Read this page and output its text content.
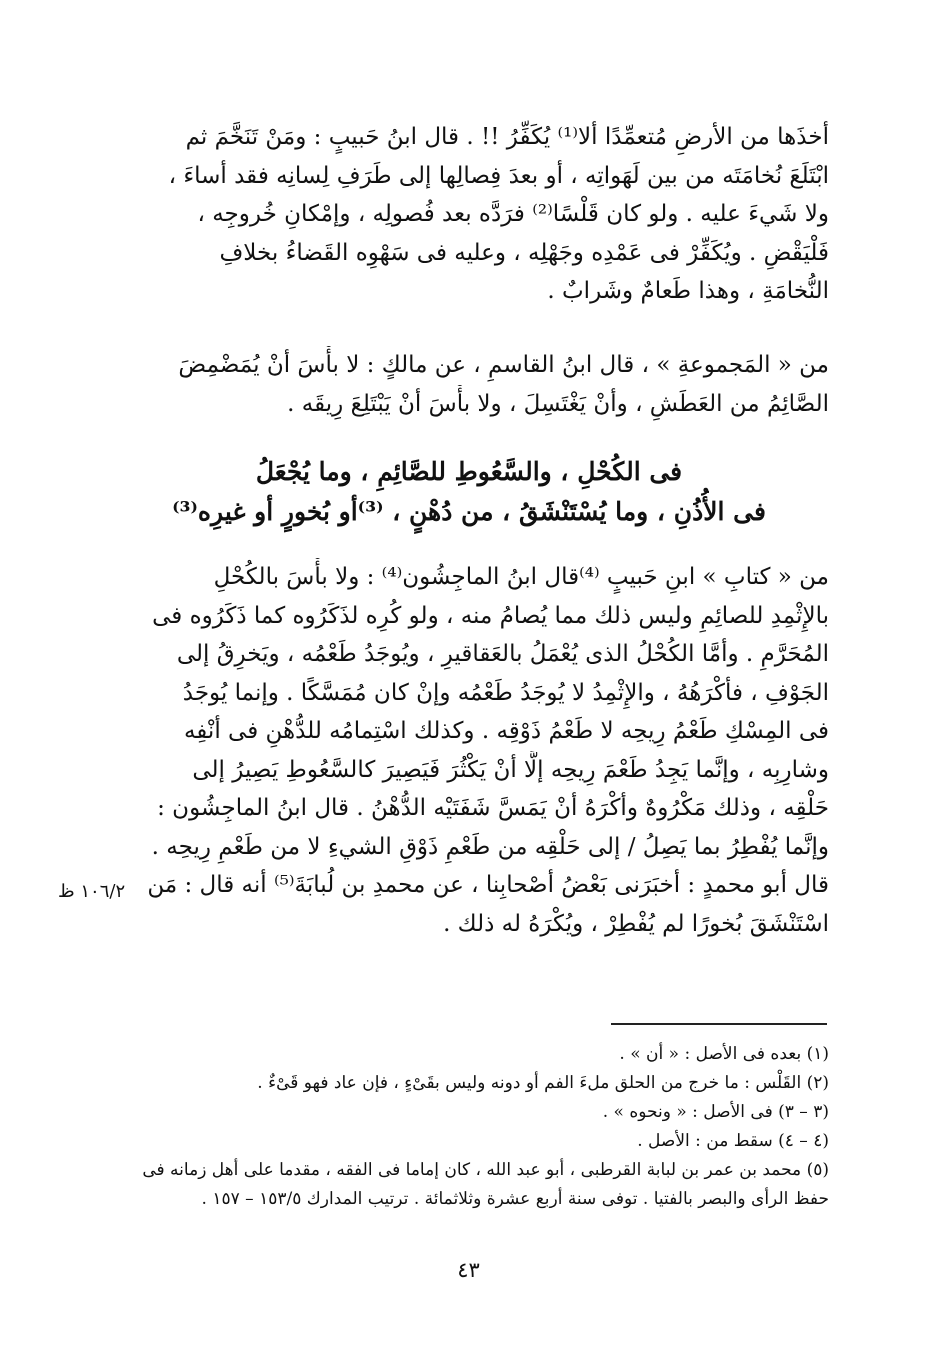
أخذَها من الأرضِ مُتعمِّدًا ألا⁽¹⁾ يُكَفِّرُ !! . قال ابنُ حَبيبٍ : ومَنْ تَنَخَّمَ ثم
ابْتَلَعَ نُخامَتَه من بين لَهَواتِه ، أو بعدَ فِصالِها إلى طَرَفِ لِسانِه فقد أساءَ ،
ولا شَيءَ عليه . ولو كان قَلْسًا⁽²⁾ فرَدَّه بعد فُصولِه ، وإمْكانِ خُروجِه ،
فَلْيَقْضِ . ويُكَفِّرْ فى عَمْدِه وجَهْلِه ، وعليه فى سَهْوِه القَضاءُ بخلافِ
النُّخامَةِ ، وهذا طَعامٌ وشَرابٌ .
من « المَجموعةِ » ، قال ابنُ القاسمِ ، عن مالكٍ : لا بأْسَ أنْ يُمَضْمِضَ
الصَّائِمُ من العَطَشِ ، وأنْ يَغْتَسِلَ ، ولا بأْسَ أنْ يَبْتَلِعَ رِيقَه .
فى الكُحْلِ ، والسَّعُوطِ للصَّائِمِ ، وما يُجْعَلُ
فى الأُذُنِ ، وما يُسْتَنْشَقُ ، من دُهْنٍ ، ⁽³⁾أو بُخورٍ أو غيرِه⁽³⁾
من « كتابِ » ابنِ حَبيبٍ ⁽⁴⁾قال ابنُ الماجِشُون⁽⁴⁾ : ولا بأْسَ بالكُحْلِ
بالإِثْمِدِ للصائِمِ وليس ذلك مما يُصامُ منه ، ولو كُرِه لذَكَرُوه كما ذَكَرُوه فى
المُحَرَّمِ . وأمَّا الكُحْلُ الذى يُعْمَلُ بالعَقاقيرِ ، ويُوجَدُ طَعْمُه ، ويَخرِقُ إلى
الجَوْفِ ، فأكْرَهُهُ ، والإِثْمِدُ لا يُوجَدُ طَعْمُه وإنْ كان مُمَسَّكًا . وإنما يُوجَدُ
فى المِسْكِ طَعْمُ رِيحِه لا طَعْمُ ذَوْقِه . وكذلك اسْتِمامُه للدُّهْنِ فى أنْفِه
وشارِبِه ، وإنَّما يَجِدُ طَعْمَ رِيحِه إلَّا أنْ يَكْثُرَ فَيَصِيرَ كالسَّعُوطِ يَصِيرُ إلى
حَلْقِه ، وذلك مَكْرُوهٌ وأكْرَهُ أنْ يَمَسَّ شَفَتَيْه الدُّهْنُ . قال ابنُ الماجِشُون :
وإنَّما يُفْطِرُ بما يَصِلُ / إلى حَلْقِه من طَعْمِ ذَوْقِ الشيءِ لا من طَعْمِ رِيحِه .
قال أبو محمدٍ : أخبَرَنى بَعْضُ أصْحابِنا ، عن محمدِ بن لُبابَةَ⁽⁵⁾ أنه قال : مَن
اسْتَنْشَقَ بُخورًا لم يُفْطِرْ ، ويُكْرَهُ له ذلك .
١٠٦/٢ ظ
(١) بعده فى الأصل : « أن » .
(٢) القَلْس : ما خرج من الحلق ملءَ الفم أو دونه وليس بقَىْءٍ ، فإن عاد فهو قَىْءٌ .
(٣ – ٣) فى الأصل : « ونحوه » .
(٤ – ٤) سقط من : الأصل .
(٥) محمد بن عمر بن لبابة القرطبى ، أبو عبد الله ، كان إماما فى الفقه ، مقدما على أهل زمانه فى
حفظ الرأى والبصر بالفتيا . توفى سنة أربع عشرة وثلاثمائة . ترتيب المدارك ١٥٣/٥ – ١٥٧ .
٤٣
